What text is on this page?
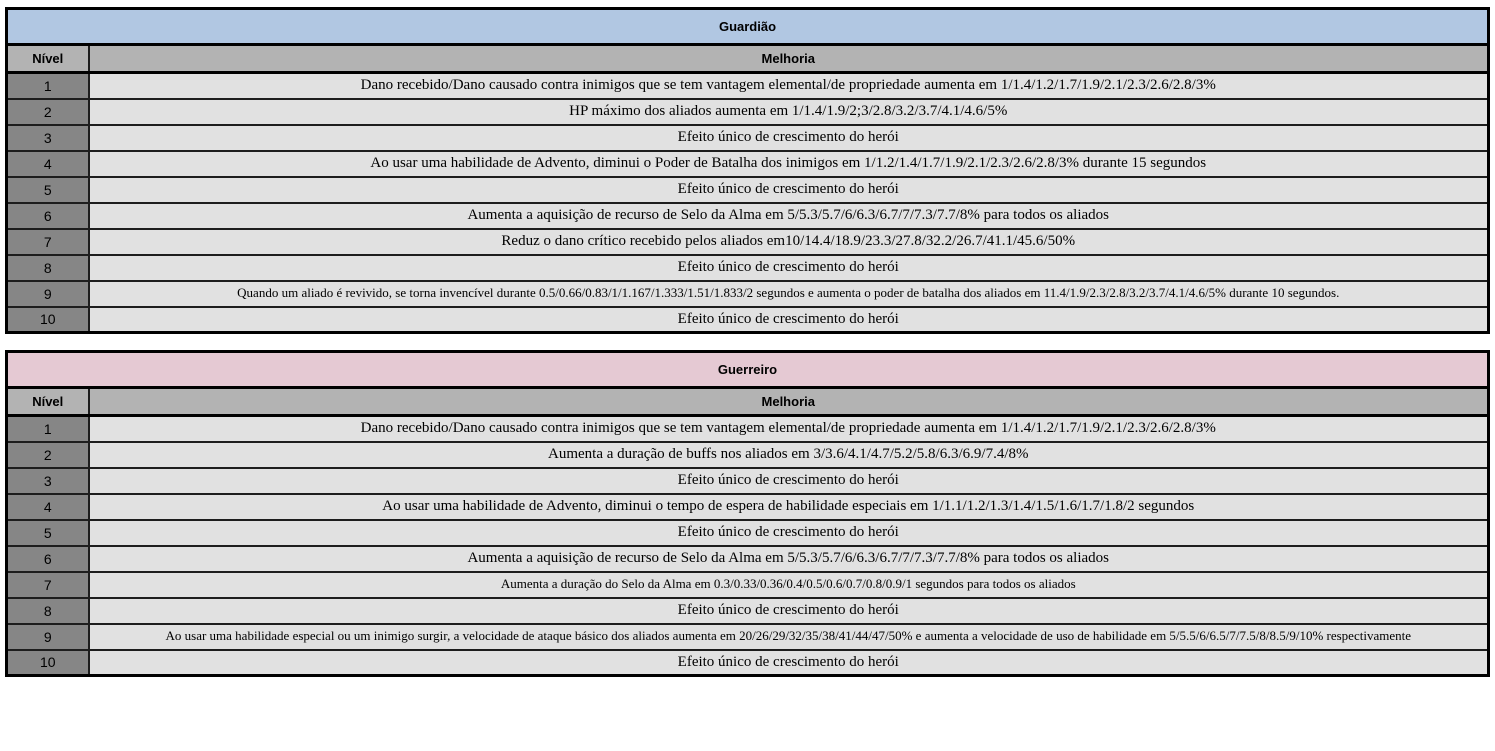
Guardião	
Nível	Melhoria
1	Dano recebido/Dano causado contra inimigos que se tem vantagem elemental/de propriedade aumenta em 1/1.4/1.2/1.7/1.9/2.1/2.3/2.6/2.8/3%
2	HP máximo dos aliados aumenta em 1/1.4/1.9/2;3/2.8/3.2/3.7/4.1/4.6/5%
3	Efeito único de crescimento do herói
4	Ao usar uma habilidade de Advento, diminui o Poder de Batalha dos inimigos em 1/1.2/1.4/1.7/1.9/2.1/2.3/2.6/2.8/3% durante 15 segundos
5	Efeito único de crescimento do herói
6	Aumenta a aquisição de recurso de Selo da Alma em 5/5.3/5.7/6/6.3/6.7/7/7.3/7.7/8% para todos os aliados
7	Reduz o dano crítico recebido pelos aliados em10/14.4/18.9/23.3/27.8/32.2/26.7/41.1/45.6/50%
8	Efeito único de crescimento do herói
9	Quando um aliado é revivido, se torna invencível durante 0.5/0.66/0.83/1/1.167/1.333/1.51/1.833/2 segundos e aumenta o poder de batalha dos aliados em 11.4/1.9/2.3/2.8/3.2/3.7/4.1/4.6/5% durante 10 segundos.
10	Efeito único de crescimento do herói
Guerreiro	
Nível	Melhoria
1	Dano recebido/Dano causado contra inimigos que se tem vantagem elemental/de propriedade aumenta em 1/1.4/1.2/1.7/1.9/2.1/2.3/2.6/2.8/3%
2	Aumenta a duração de buffs nos aliados em 3/3.6/4.1/4.7/5.2/5.8/6.3/6.9/7.4/8%
3	Efeito único de crescimento do herói
4	Ao usar uma habilidade de Advento, diminui o tempo de espera de habilidade especiais em 1/1.1/1.2/1.3/1.4/1.5/1.6/1.7/1.8/2 segundos
5	Efeito único de crescimento do herói
6	Aumenta a aquisição de recurso de Selo da Alma em 5/5.3/5.7/6/6.3/6.7/7/7.3/7.7/8% para todos os aliados
7	Aumenta a duração do Selo da Alma em 0.3/0.33/0.36/0.4/0.5/0.6/0.7/0.8/0.9/1 segundos para todos os aliados
8	Efeito único de crescimento do herói
9	Ao usar uma habilidade especial ou um inimigo surgir, a velocidade de ataque básico dos aliados aumenta em 20/26/29/32/35/38/41/44/47/50% e aumenta a velocidade de uso de habilidade em 5/5.5/6/6.5/7/7.5/8/8.5/9/10% respectivamente
10	Efeito único de crescimento do herói
